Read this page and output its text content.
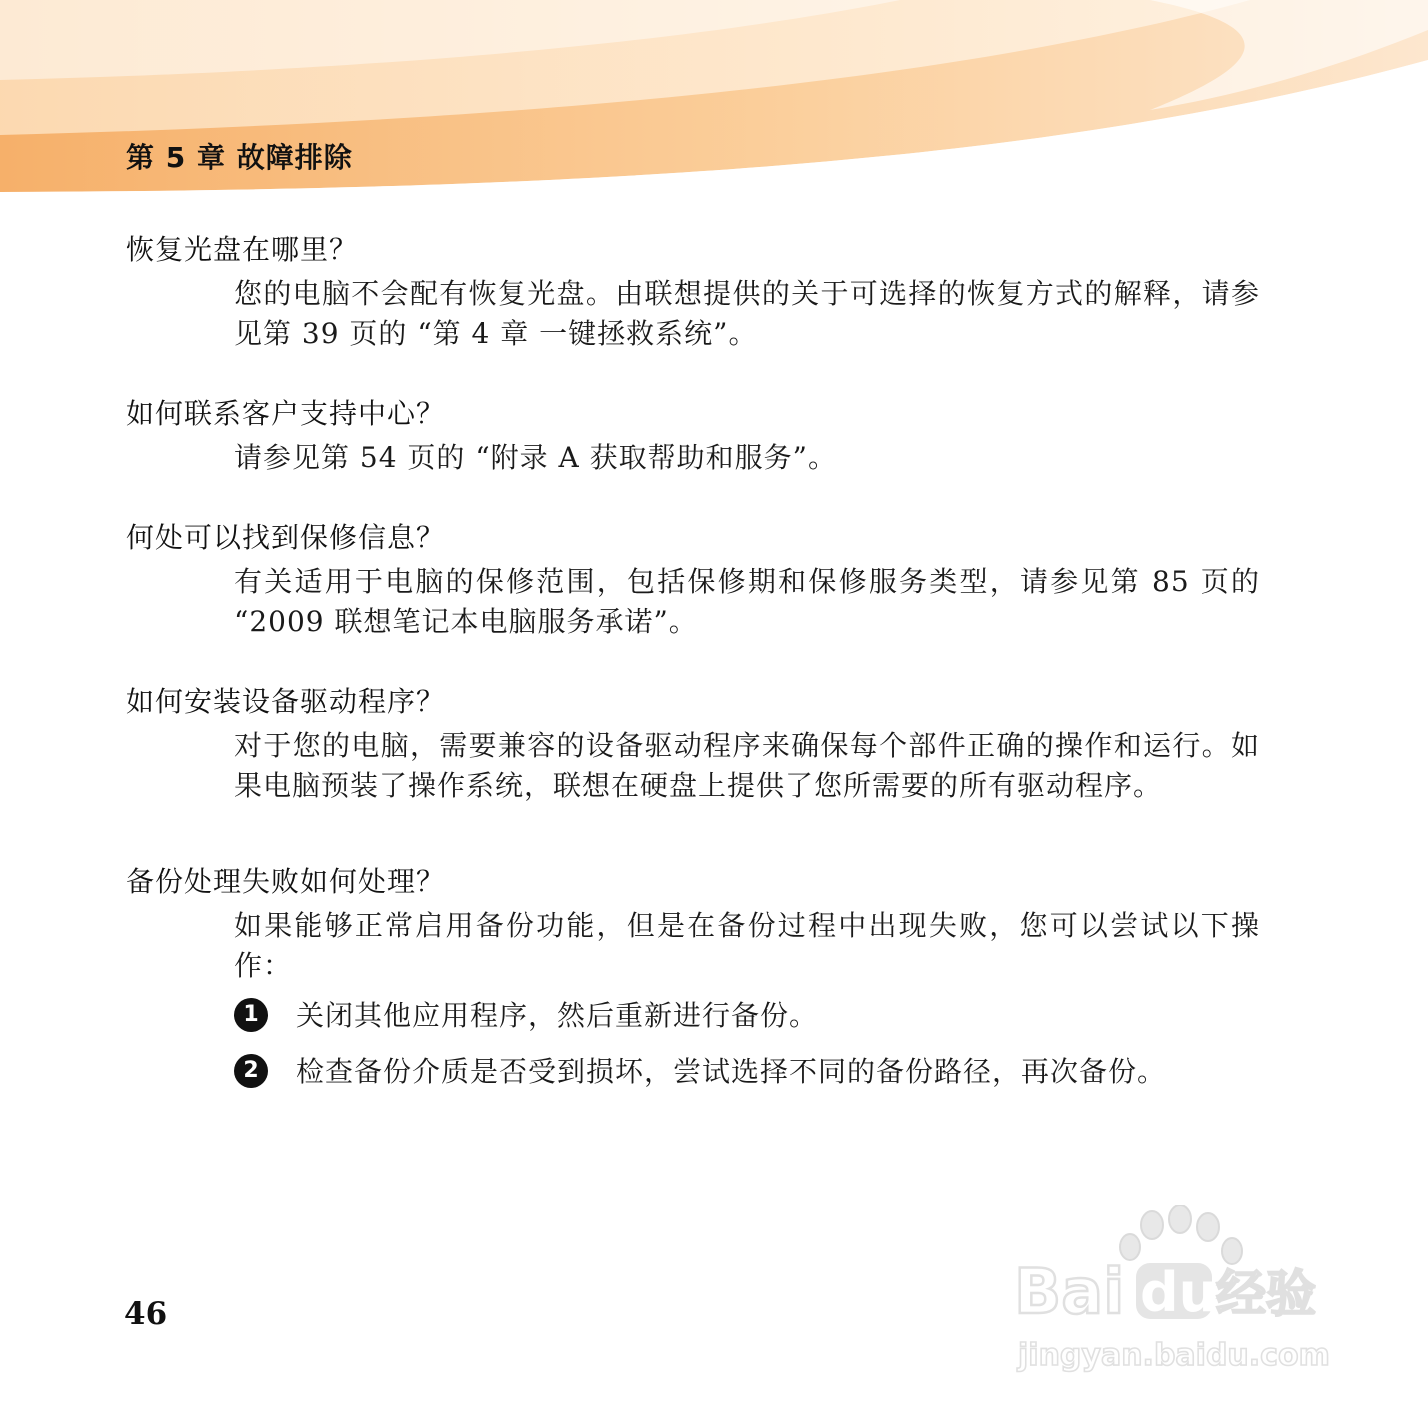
第 5 章 故障排除
恢复光盘在哪里？

您的电脑不会配有恢复光盘。由联想提供的关于可选择的恢复方式的解释，请参见第 39 页的 “第 4 章 一键拯救系统”。

如何联系客户支持中心？

请参见第 54 页的 “附录 A 获取帮助和服务”。

何处可以找到保修信息？

有关适用于电脑的保修范围，包括保修期和保修服务类型，请参见第 85 页的 “2009 联想笔记本电脑服务承诺”。

如何安装设备驱动程序？

对于您的电脑，需要兼容的设备驱动程序来确保每个部件正确的操作和运行。如果电脑预装了操作系统，联想在硬盘上提供了您所需要的所有驱动程序。

备份处理失败如何处理？

如果能够正常启用备份功能，但是在备份过程中出现失败，您可以尝试以下操作：

1	关闭其他应用程序，然后重新进行备份。
2	检查备份介质是否受到损坏，尝试选择不同的备份路径，再次备份。

46	Bai du
经验
jingyan.baidu.com
